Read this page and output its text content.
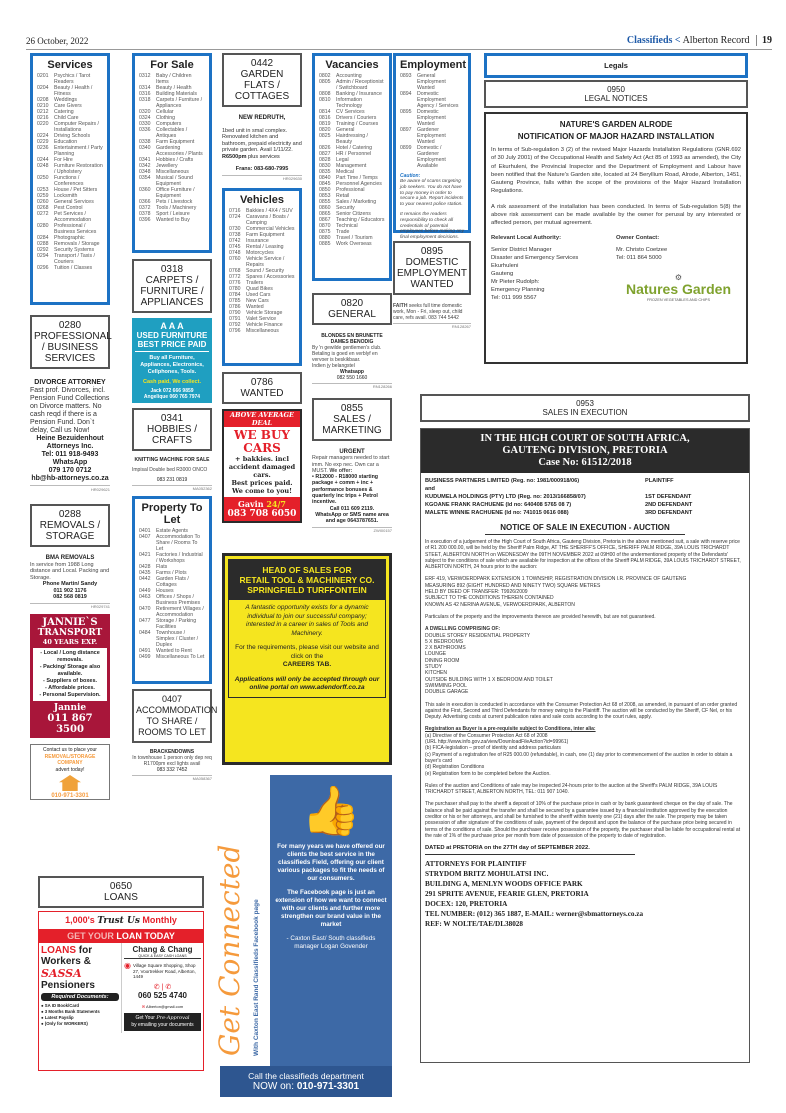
26 October, 2022	Classifieds < Alberton Record 19
Services
0201	Psychics / Tarot Readers
0204	Beauty / Health / Fitness
0208	Weddings
0210	Care Givers
0212	Catering
0216	Child Care
0220	Computer Repairs / Installations
0224	Driving Schools
0229	Education
0236	Entertainment / Party Planning
0244	For Hire
0248	Furniture Restoration / Upholstery
0250	Functions / Conferences
0253	House / Pet Sitters
0259	Locksmith
0260	General Services
0268	Pest Control
0272	Pet Services / Accommodation
0280	Professional / Business Services
0284	Photographic
0288	Removals / Storage
0292	Security Systems
0294	Transport / Taxis / Couriers
0296	Tuition / Classes
0280
PROFESSIONAL / BUSINESS SERVICES
DIVORCE ATTORNEY
Fast prof. Divorces, incl. Pension Fund Collections on Divorce matters. No cash reqd if there is a Pension Fund. Don`t delay, Call us Now!
Heine Bezuidenhout Attorneys Inc.
Tel: 011 918-9493
WhatsApp
079 170 0712
hb@hb-attorneys.co.za
HR029621
0288
REMOVALS / STORAGE
BMA REMOVALS
In service from 1988 Long distance and Local. Packing and Storage.
Phone Martin/ Sandy
011 902 1176
082 568 0819
HR029741
JANNIE`S
TRANSPORT
40 YEARS EXP.
- Local / Long distance removals.
- Packing/ Storage also available.
- Suppliers of boxes.
- Affordable prices.
- Personal Supervision.
Jannie
011 867 3500
Contact us to place your
REMOVAL/STORAGE COMPANY
advert today!
010-971-3301
For Sale
0312	Baby / Children Items
0314	Beauty / Health
0316	Building Materials
0318	Carpets / Furniture / Appliances
0320	Cellular
0324	Clothing
0330	Computers
0336	Collectables / Antiques
0338	Farm Equipment
0340	Gardening Accessories / Plants
0341	Hobbies / Crafts
0342	Jewellery
0348	Miscellaneous
0354	Musical / Sound Equipment
0360	Office Furniture / Equipment
0366	Pets / Livestock
0372	Tools / Machinery
0378	Sport / Leisure
0396	Wanted to Buy
0318
CARPETS / FURNITURE / APPLIANCES
A A A
USED FURNITURE
BEST PRICE PAID
Buy all Furniture, Appliances, Electronics, Cellphones, Tools.
Cash paid, We collect.
Jack 072 666 9859
Angelique 060 765 7974
0341
HOBBIES / CRAFTS
KNITTING MACHINE FOR SALE
Impisal Double bed R3000 ONCO
083 231 0819
MA052362
Property To Let
0401	Estate Agents
0407	Accommodation To Share / Rooms To Let
0421	Factories / Industrial / Workshops
0428	Flats
0435	Farms / Plots
0442	Garden Flats / Cottages
0449	Houses
0463	Offices / Shops / Business Premises
0470	Retirement Villages / Accommodation
0477	Storage / Parking Facilities
0484	Townhouse / Simplex / Cluster / Duplex
0491	Wanted to Rent
0499	Miscellaneous To Let
0407
ACCOMMODATION TO SHARE / ROOMS TO LET
BRACKENDOWNS
In townhouse 1 person only dep req R1700pm excl lights avail
083 332 7452
MA058367
0650
LOANS
1,000's Trust Us Monthly
GET YOUR LOAN TODAY
LOANS for
Workers &
SASSA
Pensioners
Required Documents:
● SA ID Book/Card
● 3 Months Bank Statements
● Latest Payslip
● (Only for WORKERS)
Chang & Chang
QUICK & EASY CASH LOANS
◉ Village Square Shopping, Shop 27, Voortrekker Road, Alberton, 1449
✆ | ✆
060 525 4740
✉ Alberton@gmail.com
Get Your Pre-Approval
by emailing your documents
0442
GARDEN FLATS / COTTAGES
NEW REDRUTH,
1bed unit in smal complex. Renovated kitchen and bathroom, prepaid electricity and private garden. Avail 1/11/22.
R6500pm plus services
Frans: 083-680-7995
HR029630
Vehicles
0716	Bakkies / 4X4 / SUV
0724	Caravans / Boats / Camping
0730	Commercial Vehicles
0738	Farm Equipment
0742	Insurance
0745	Rental / Leasing
0748	Motorcycles
0760	Vehicle Service / Repairs
0768	Sound / Security
0772	Spares / Accessories
0776	Trailers
0780	Quad Bikes
0784	Used Cars
0785	New Cars
0786	Wanted
0790	Vehicle Storage
0791	Valet Service
0792	Vehicle Finance
0796	Miscellaneous
0786
WANTED
ABOVE AVERAGE DEAL
WE BUY CARS
+ bakkies. incl
accident damaged cars.
Best prices paid.
We come to you!
Gavin 24/7
083 708 6050
Vacancies
0802	Accounting
0805	Admin / Receptionist / Switchboard
0808	Banking / Insurance
0810	Information Technology
0814	CV Services
0816	Drivers / Couriers
0819	Training / Courses
0820	General
0825	Hairdressing / Beauty
0826	Hotel / Catering
0827	HR / Personnel
0828	Legal
0830	Management
0835	Medical
0840	Part Time / Temps
0845	Personnel Agencies
0850	Professional
0853	Retail
0855	Sales / Marketing
0860	Security
0865	Senior Citizens
0867	Teaching / Educators
0870	Technical
0875	Trade
0880	Travel / Tourism
0885	Work Overseas
0820
GENERAL
BLONDES EN BRUNETTE DAMES BENODIG
By 'n gewilde gentlemen's club. Betaling is goed en verblyf en vervoer is beskikbaar.
Indien jy belangstel
Whatsapp
082 550 1660
RN128266
0855
SALES / MARKETING
URGENT
Repair managers needed to start imm. No exp nec. Own car a MUST. We offer:
• R12000 - R18000 starting package + comm + inc + performance bonuses & quarterly inc trips + Petrol incentive.
Call 011 609 2119.
WhatsApp or SMS name area and age 0643787651.
ZWI00157
HEAD OF SALES FOR
RETAIL TOOL & MACHINERY CO.
SPRINGFIELD TURFFONTEIN
A fantastic opportunity exists for a dynamic individual to join our successful company; interested in a career in sales of Tools and Machinery.
For the requirements, please visit our website and click on the
CAREERS TAB.
Applications will only be accepted through our online portal on www.adendorff.co.za
Get Connected With Caxton East Rand Classifieds Facebook page
👍
For many years we have offered our clients the best service in the classifieds Field, offering our client various packages to fit the needs of our consumers.
The Facebook page is just an extension of how we want to connect with our clients and further more strengthen our brand value in the market
- Caxton East/ South classifieds manager Logan Govender
Call the classifieds department
NOW on: 010-971-3301
Employment
0893	General Employment Wanted
0894	Domestic Employment Agency / Services
0895	Domestic Employment Wanted
0897	Gardener Employment Wanted
0899	Domestic / Gardener Employment Available
Caution:
Be aware of scams targeting job seekers. You do not have to pay money in order to secure a job. Report incidents to your nearest police station.
It remains the readers responsibility to check all credentials of potential employees before making any final employment decisions.
0895
DOMESTIC EMPLOYMENT WANTED
FAITH seeks full time domestic work, Mon - Fri, sleep out, child care, refs avail. 083 744 5442
RN128267
Legals
0950
LEGAL NOTICES
NATURE'S GARDEN ALRODE
NOTIFICATION OF MAJOR HAZARD INSTALLATION
In terms of Sub-regulation 3 (2) of the revised Major Hazards Installation Regulations (GNR.692 of 30 July 2001) of the Occupational Health and Safety Act (Act 85 of 1993 as amended), the City of Ekurhuleni, the Provincial Inspector and the Department of Employment and Labour have been notified that the Nature's Garden site, located at 24 Beryllium Road, Alrode, Alberton, 1451, Gauteng Province, falls within the scope of the provisions of the Major Hazard Installation Regulations.
A risk assessment of the installation has been conducted. In terms of Sub-regulation 5(8) the above risk assessment can be made available by the owner for perusal by any interested or affected person, per mutual agreement.
Relevant Local Authority:
Senior District Manager
Disaster and Emergency Services
Ekurhuleni
Gauteng
Mr Pieter Rudolph:
Emergency Planning
Tel: 011 999 5567
Owner Contact:
Mr. Christo Coetzee
Tel: 011 864 5000
⚙
Natures Garden
FROZEN VEGETABLES AND CHIPS
0953
SALES IN EXECUTION
IN THE HIGH COURT OF SOUTH AFRICA,
GAUTENG DIVISION, PRETORIA
Case No: 61512/2018
BUSINESS PARTNERS LIMITED (Reg. no: 1981/000918/06)	PLAINTIFF
and
KUDUMELA HOLDINGS (PTY) LTD (Reg. no: 2013/166858/07)	1ST DEFENDANT
KGOANE FRANK RACHUENE (Id no: 640408 5765 08 7)	2ND DEFENDANT
MALETE WINNIE RACHUENE (Id no: 741015 0616 088)	3RD DEFENDANT
NOTICE OF SALE IN EXECUTION - AUCTION
In execution of a judgement of the High Court of South Africa, Gauteng Division, Pretoria in the above mentioned suit, a sale with reserve price of R1 200 000.00, will be held by the Sheriff Palm Ridge, AT THE SHERIFF'S OFFICE, SHERIFF PALM RIDGE, 39A LOUIS TRICHARDT STEET, ALBERTON NORTH on WEDNESDAY the 09TH NOVEMBER 2022 at 09H00 of the undermentioned property of the Defendants' subject to the conditions of sale which are available for inspection at the offices of the Sheriff PALM RIDGE, 39A LOUIS TRICHARDT STREET, ALBERTON NORTH, 24 hours prior to the auction:
ERF 419, VERWOERDPARK EXTENSION 1 TOWNSHIP, REGISTRATION DIVISION I.R. PROVINCE OF GAUTENG
MEASURING 892 (EIGHT HUNDRED AND NINETY TWO) SQUARE METRES
HELD BY DEED OF TRANSFER: T9926/2009
SUBJECT TO THE CONDITIONS THEREIN CONTAINED
KNOWN AS 42 NERINA AVENUE, VERWOERDPARK, ALBERTON
Particulars of the property and the improvements thereon are provided herewith, but are not guaranteed.
A DWELLING COMPRISING OF:
DOUBLE STOREY RESIDENTIAL PROPERTY
5 X BEDROOMS
2 X BATHROOMS
LOUNGE
DINING ROOM
STUDY
KITCHEN
OUTSIDE BUILDING WITH 1 X BEDROOM AND TOILET
SWIMMING POOL
DOUBLE GARAGE
This sale in execution is conducted in accordance with the Consumer Protection Act 68 of 2008, as amended, in pursuant of an order granted against the First, Second and Third Defendants for money owing to the Plaintiff. The auction will be conducted by the Sheriff, CF Nel, or his Deputy. Advertising costs at current publication rates and sale costs according to the court rules, apply.
Registration as Buyer is a pre-requisite subject to Conditions, inter alia:
(a) Directive of the Consumer Protection Act 68 of 2008
(URL http://www.info.gov.za/view/DownloadFileAction?id=99961)
(b) FICA-legislation – proof of identity and address particulars
(c) Payment of a registration fee of R25 000.00 (refundable), in cash, one (1) day prior to commencement of the auction in order to obtain a buyer's card
(d) Registration Conditions
(e) Registration form to be completed before the Auction.
Rules of the auction and Conditions of sale may be inspected 24-hours prior to the auction at the Sheriff's PALM RIDGE, 39A LOUIS TRICHARDT STREET, ALBERTON NORTH, TEL: 011 907 1040.
The purchaser shall pay to the sheriff a deposit of 10% of the purchase price in cash or by bank guaranteed cheque on the day of sale. The balance shall be paid against the transfer and shall be secured by a guarantee issued by a financial institution approved by the execution creditor or his or her attorneys, and shall be furnished to the sheriff within twenty one (21) days after the sale. The property may be taken possession of after signature of the conditions of sale, payment of the deposit and upon the balance of the purchase price being secured in terms of the conditions of sale. Should the purchaser receive possession of the property, the purchaser shall be liable for occupational rental at the rate of 1% of the purchase price per month from date of possession of the property to date of registration.
DATED at PRETORIA on the 27TH day of SEPTEMBER 2022.
ATTORNEYS FOR PLAINTIFF
STRYDOM BRITZ MOHULATSI INC.
BUILDING A, MENLYN WOODS OFFICE PARK
291 SPRITE AVENUE, FEARIE GLEN, PRETORIA
DOCEX: 120, PRETORIA
TEL NUMBER: (012) 365 1887, E-MAIL: werner@sbmattorneys.co.za
REF: W NOLTE/TAE/DL38028
